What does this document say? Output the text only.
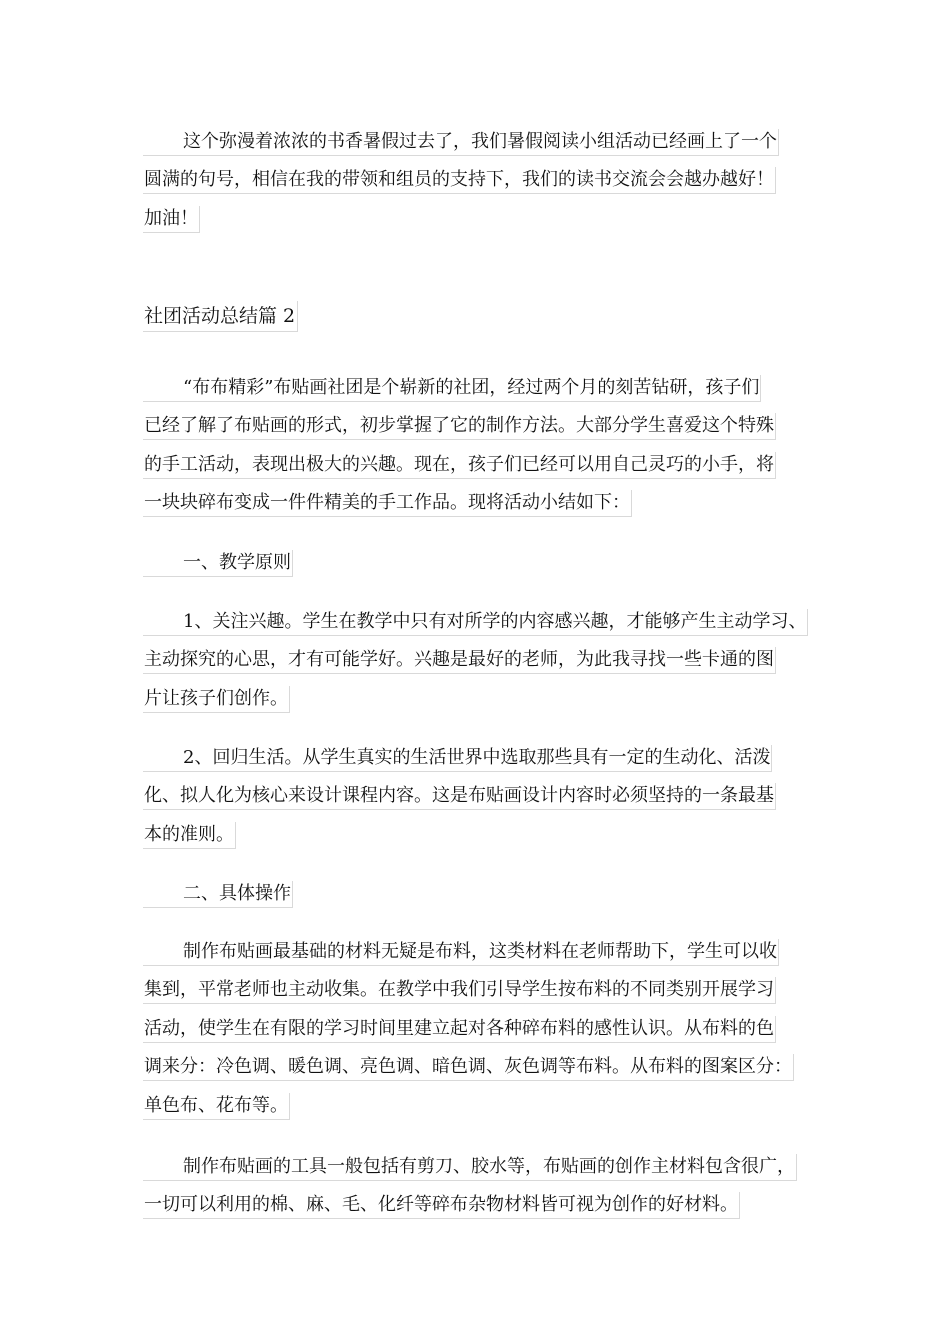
这个弥漫着浓浓的书香暑假过去了，我们暑假阅读小组活动已经画上了一个
圆满的句号，相信在我的带领和组员的支持下，我们的读书交流会会越办越好！
加油！
社团活动总结篇 2
“布布精彩”布贴画社团是个崭新的社团，经过两个月的刻苦钻研，孩子们
已经了解了布贴画的形式，初步掌握了它的制作方法。大部分学生喜爱这个特殊
的手工活动，表现出极大的兴趣。现在，孩子们已经可以用自己灵巧的小手，将
一块块碎布变成一件件精美的手工作品。现将活动小结如下：
一、教学原则
1、关注兴趣。学生在教学中只有对所学的内容感兴趣，才能够产生主动学习、
主动探究的心思，才有可能学好。兴趣是最好的老师，为此我寻找一些卡通的图
片让孩子们创作。
2、回归生活。从学生真实的生活世界中选取那些具有一定的生动化、活泼
化、拟人化为核心来设计课程内容。这是布贴画设计内容时必须坚持的一条最基
本的准则。
二、具体操作
制作布贴画最基础的材料无疑是布料，这类材料在老师帮助下，学生可以收
集到，平常老师也主动收集。在教学中我们引导学生按布料的不同类别开展学习
活动，使学生在有限的学习时间里建立起对各种碎布料的感性认识。从布料的色
调来分：冷色调、暖色调、亮色调、暗色调、灰色调等布料。从布料的图案区分：
单色布、花布等。
制作布贴画的工具一般包括有剪刀、胶水等，布贴画的创作主材料包含很广，
一切可以利用的棉、麻、毛、化纤等碎布杂物材料皆可视为创作的好材料。
